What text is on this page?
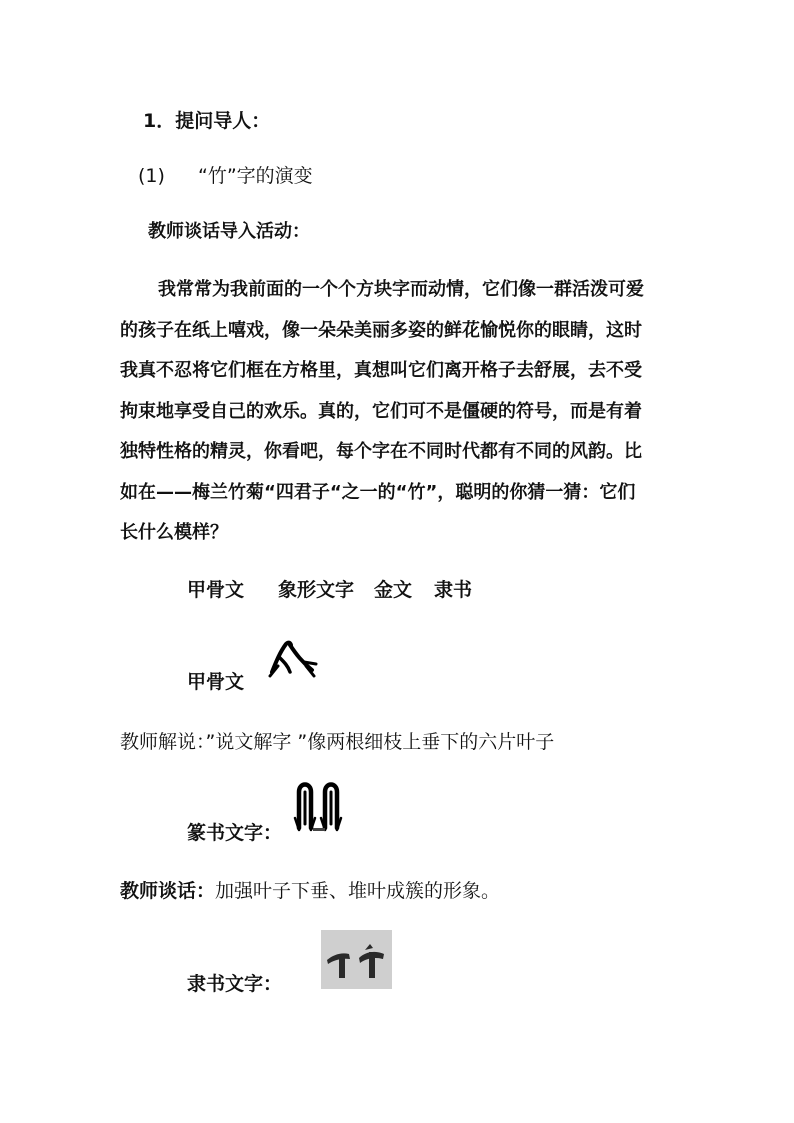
1．提问导人：
(1) “竹”字的演变
教师谈话导入活动：
我常常为我前面的一个个方块字而动情，它们像一群活泼可爱
的孩子在纸上嘻戏，像一朵朵美丽多姿的鲜花愉悦你的眼睛，这时
我真不忍将它们框在方格里，真想叫它们离开格子去舒展，去不受
拘束地享受自己的欢乐。真的，它们可不是僵硬的符号，而是有着
独特性格的精灵，你看吧，每个字在不同时代都有不同的风韵。比
如在——梅兰竹菊“四君子“之一的“竹”，聪明的你猜一猜：它们
长什么模样？
甲骨文 象形文字 金文 隶书
甲骨文
教师解说：”说文解字 ”像两根细枝上垂下的六片叶子
篆书文字：
教师谈话：加强叶子下垂、堆叶成簇的形象。
隶书文字：
